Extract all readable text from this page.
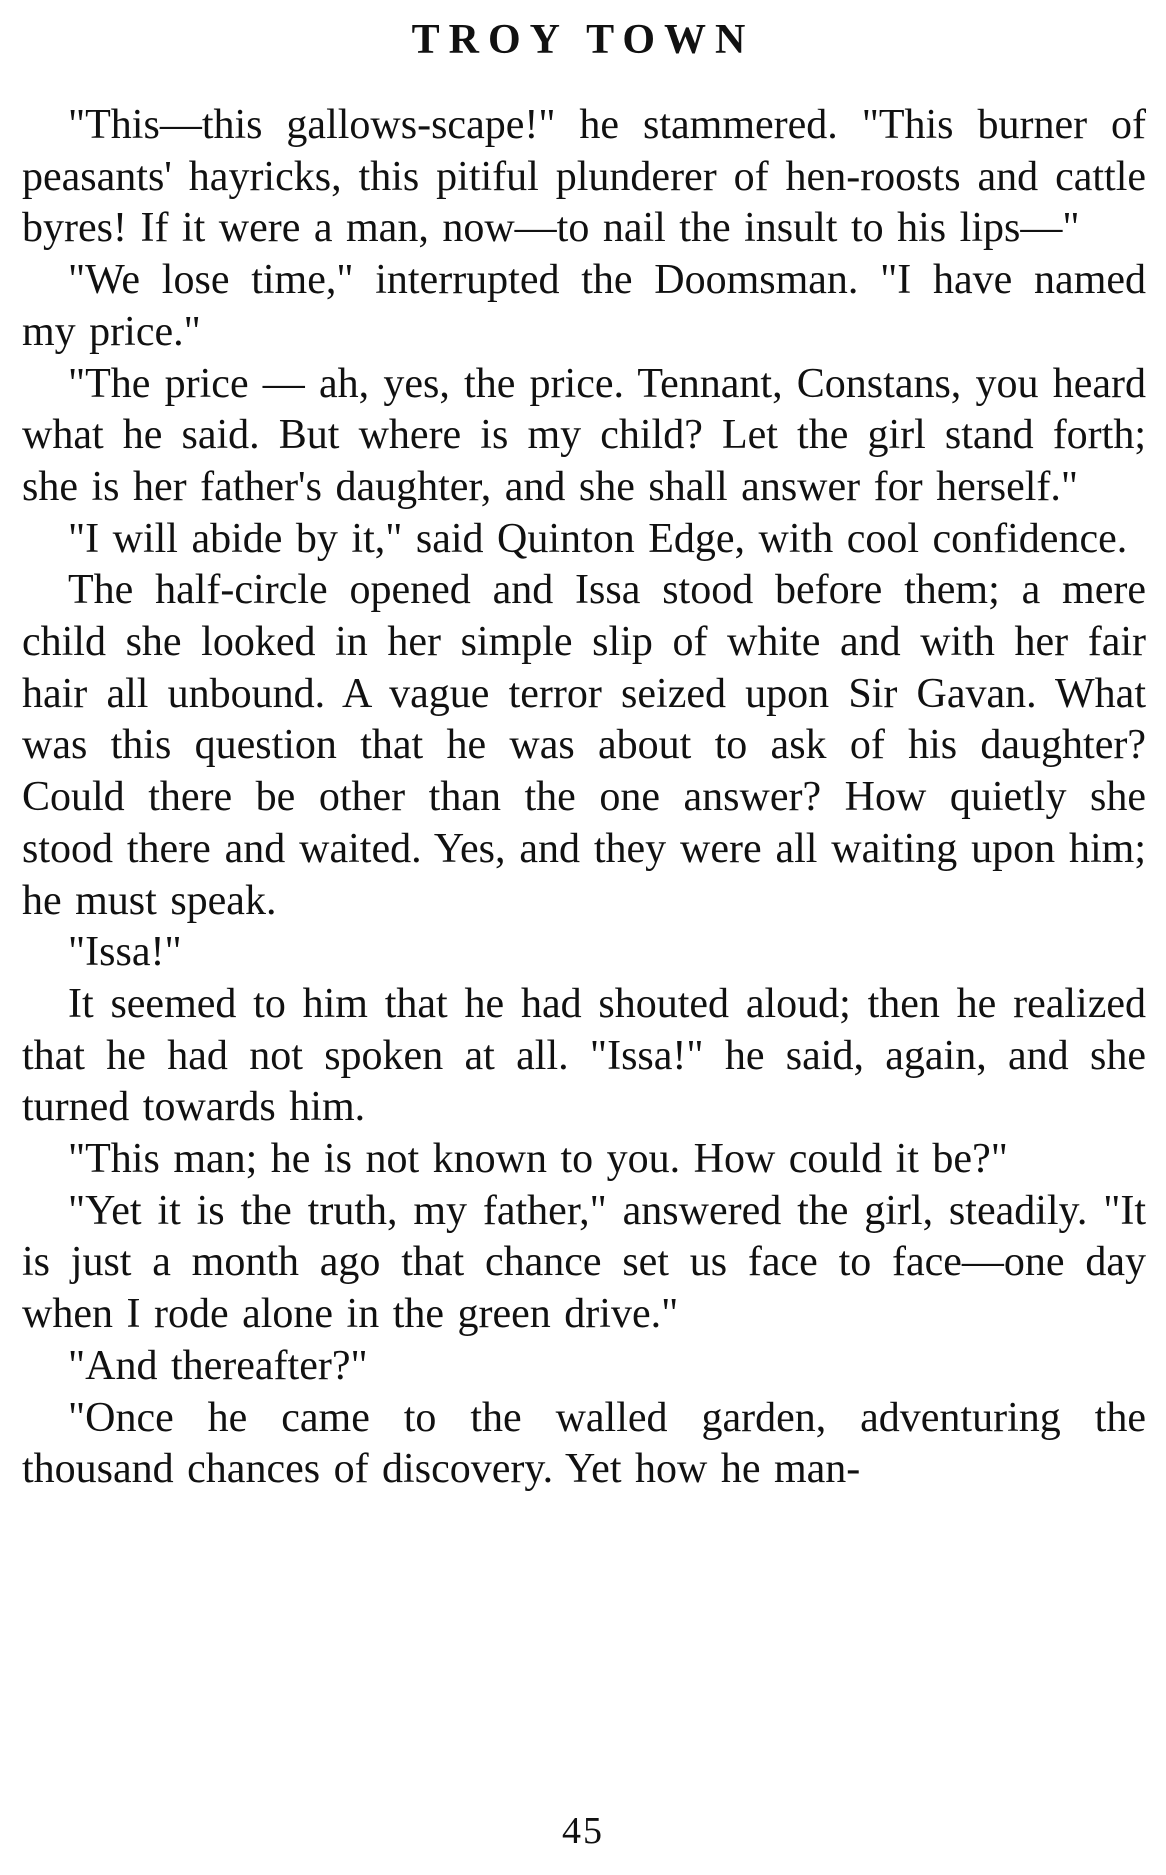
TROY TOWN

"This—this gallows-scape!" he stammered. "This burner of peasants' hayricks, this pitiful plunderer of hen-roosts and cattle byres! If it were a man, now—to nail the insult to his lips—"

"We lose time," interrupted the Doomsman. "I have named my price."

"The price — ah, yes, the price. Tennant, Constans, you heard what he said. But where is my child? Let the girl stand forth; she is her father's daughter, and she shall answer for herself."

"I will abide by it," said Quinton Edge, with cool confidence.

The half-circle opened and Issa stood before them; a mere child she looked in her simple slip of white and with her fair hair all unbound. A vague terror seized upon Sir Gavan. What was this question that he was about to ask of his daughter? Could there be other than the one answer? How quietly she stood there and waited. Yes, and they were all waiting upon him; he must speak.

"Issa!"

It seemed to him that he had shouted aloud; then he realized that he had not spoken at all. "Issa!" he said, again, and she turned towards him.

"This man; he is not known to you. How could it be?"

"Yet it is the truth, my father," answered the girl, steadily. "It is just a month ago that chance set us face to face—one day when I rode alone in the green drive."

"And thereafter?"

"Once he came to the walled garden, adventuring the thousand chances of discovery. Yet how he man-

45
